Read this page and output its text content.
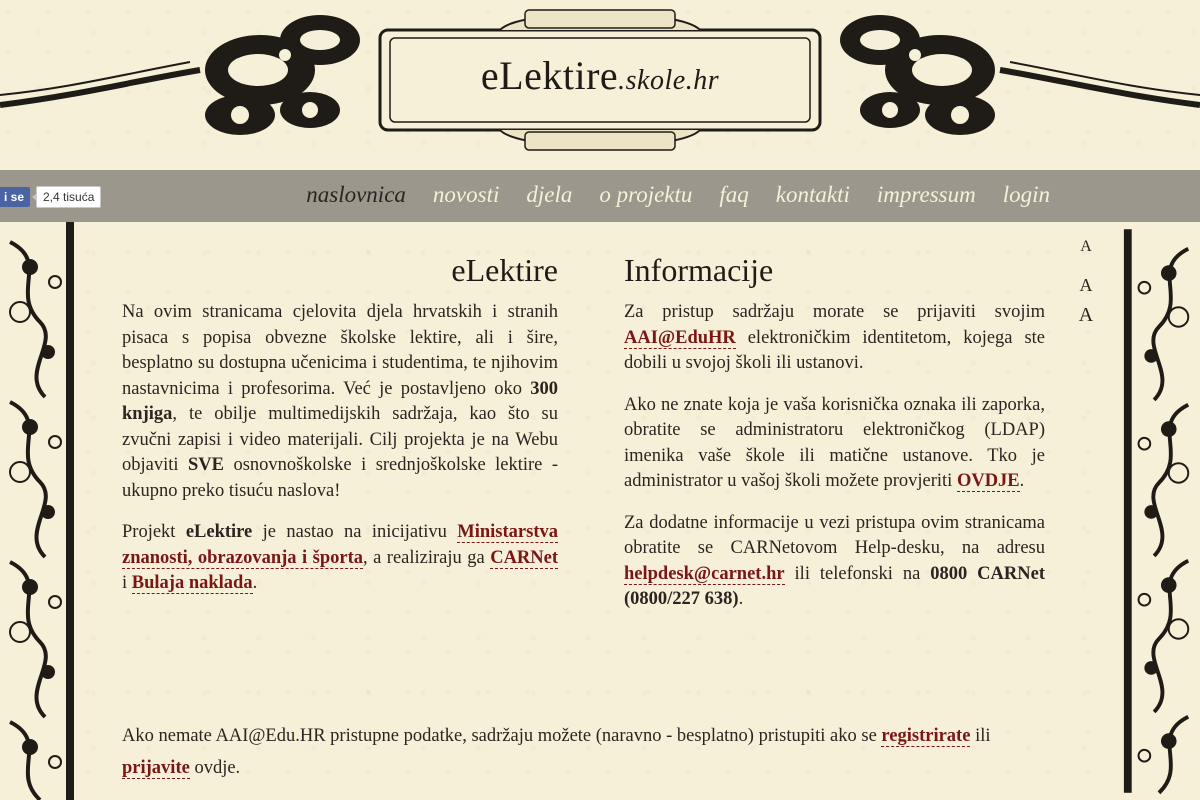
eLektire.skole.hr
i se	2,4 tisuća	naslovnica novosti djela o projektu faq kontakti impressum login
A
A
A
eLektire

Na ovim stranicama cjelovita djela hrvatskih i stranih pisaca s popisa obvezne školske lektire, ali i šire, besplatno su dostupna učenicima i studentima, te njihovim nastavnicima i profesorima. Već je postavljeno oko 300 knjiga, te obilje multimedijskih sadržaja, kao što su zvučni zapisi i video materijali. Cilj projekta je na Webu objaviti SVE osnovnoškolske i srednjoškolske lektire - ukupno preko tisuću naslova!

Projekt eLektire je nastao na inicijativu Ministarstva znanosti, obrazovanja i športa, a realiziraju ga CARNet i Bulaja naklada.

Informacije

Za pristup sadržaju morate se prijaviti svojim AAI@EduHR elektroničkim identitetom, kojega ste dobili u svojoj školi ili ustanovi.

Ako ne znate koja je vaša korisnička oznaka ili zaporka, obratite se administratoru elektroničkog (LDAP) imenika vaše škole ili matične ustanove. Tko je administrator u vašoj školi možete provjeriti OVDJE.

Za dodatne informacije u vezi pristupa ovim stranicama obratite se CARNetovom Help-desku, na adresu helpdesk@carnet.hr ili telefonski na 0800 CARNet (0800/227 638).

Ako nemate AAI@Edu.HR pristupne podatke, sadržaju možete (naravno - besplatno) pristupiti ako se registrirate ili prijavite ovdje.
